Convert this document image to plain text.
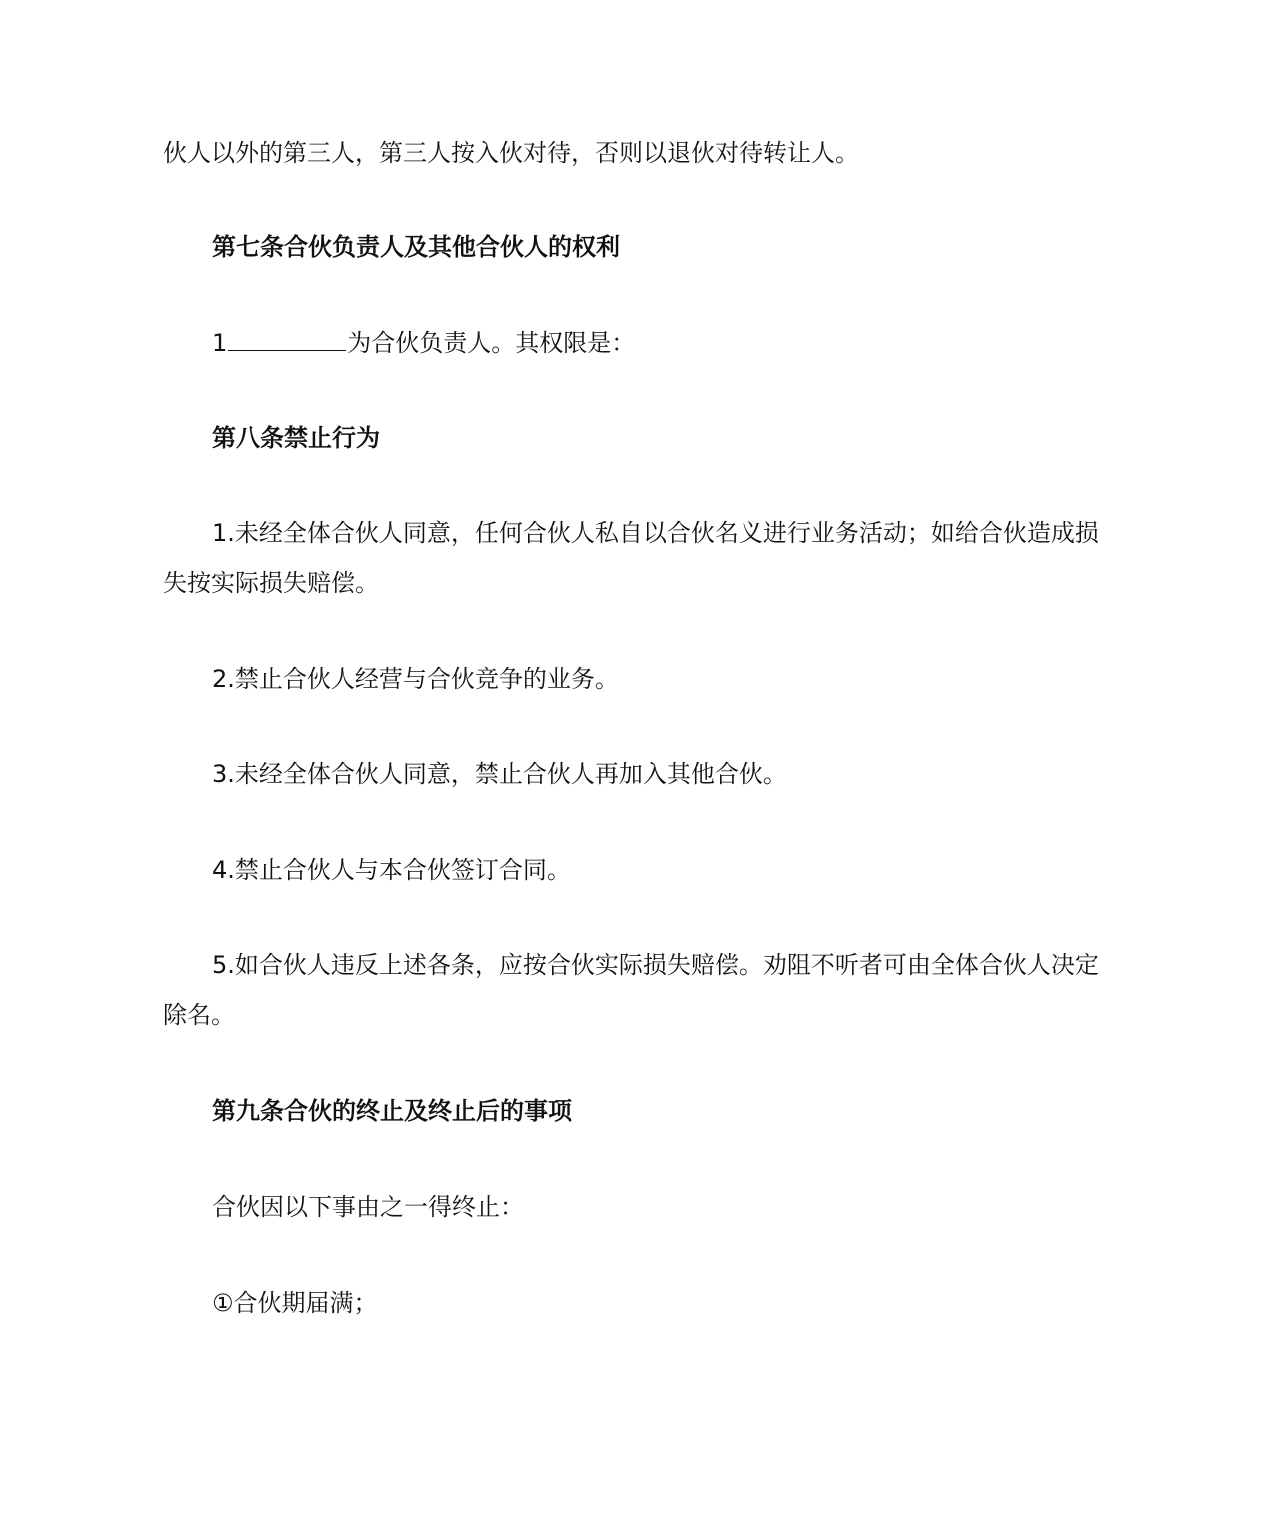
伙人以外的第三人，第三人按入伙对待，否则以退伙对待转让人。

第七条合伙负责人及其他合伙人的权利

1	为合伙负责人。其权限是：

第八条禁止行为

1.未经全体合伙人同意，任何合伙人私自以合伙名义进行业务活动；如给合伙造成损

失按实际损失赔偿。

2.禁止合伙人经营与合伙竞争的业务。

3.未经全体合伙人同意，禁止合伙人再加入其他合伙。

4.禁止合伙人与本合伙签订合同。

5.如合伙人违反上述各条，应按合伙实际损失赔偿。劝阻不听者可由全体合伙人决定

除名。

第九条合伙的终止及终止后的事项

合伙因以下事由之一得终止：

①合伙期届满；
